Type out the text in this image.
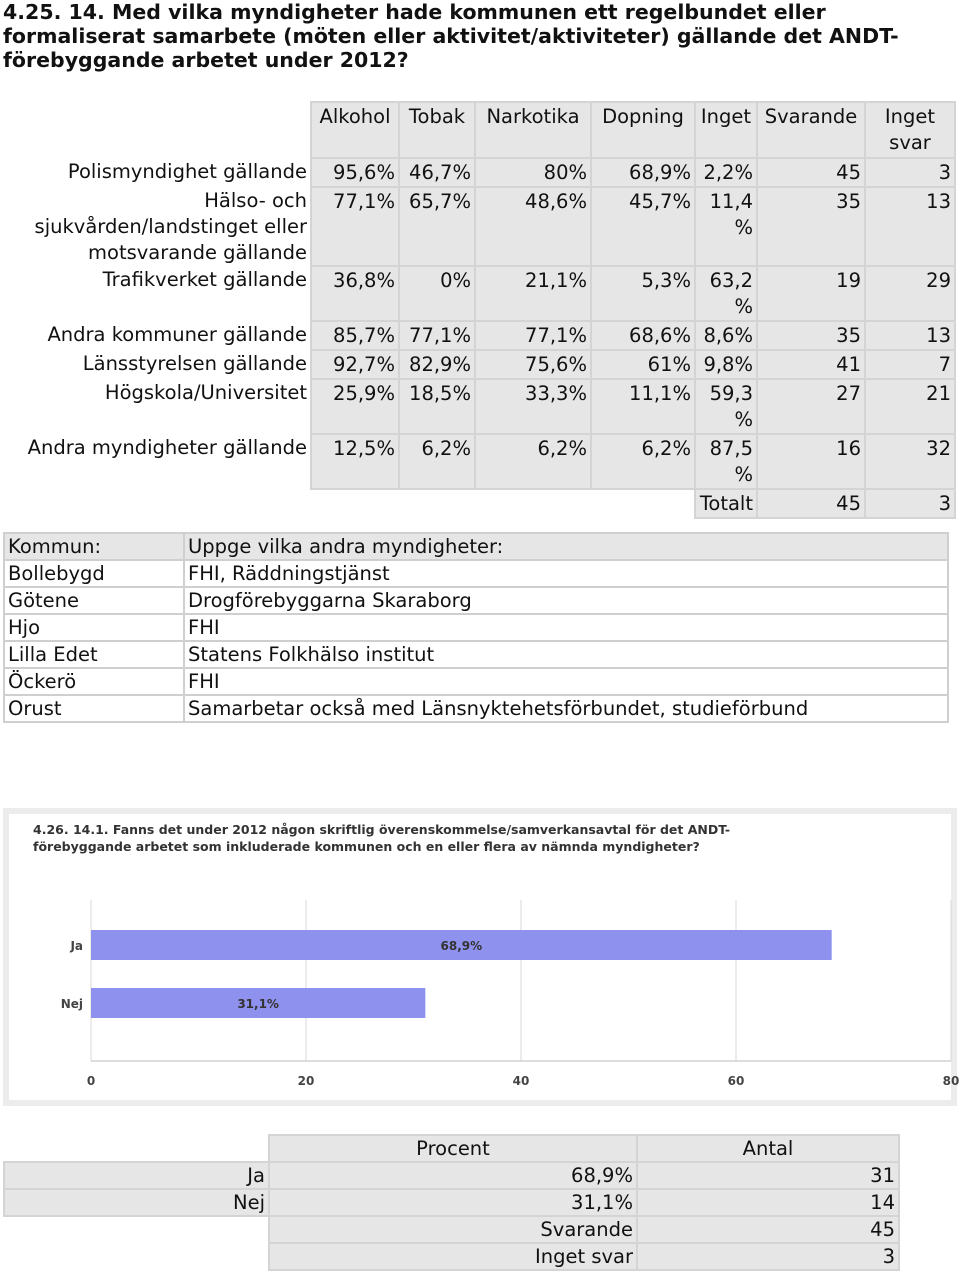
4.25. 14. Med vilka myndigheter hade kommunen ett regelbundet eller formaliserat samarbete (möten eller aktivitet/aktiviteter) gällande det ANDT-förebyggande arbetet under 2012?
	Alkohol	Tobak	Narkotika	Dopning	Inget	Svarande	Inget svar
Polismyndighet gällande	95,6%	46,7%	80%	68,9%	2,2%	45	3
Hälso- och sjukvården/landstinget eller motsvarande gällande	77,1%	65,7%	48,6%	45,7%	11,4 %	35	13
Trafikverket gällande	36,8%	0%	21,1%	5,3%	63,2 %	19	29
Andra kommuner gällande	85,7%	77,1%	77,1%	68,6%	8,6%	35	13
Länsstyrelsen gällande	92,7%	82,9%	75,6%	61%	9,8%	41	7
Högskola/Universitet	25,9%	18,5%	33,3%	11,1%	59,3 %	27	21
Andra myndigheter gällande	12,5%	6,2%	6,2%	6,2%	87,5 %	16	32
					Totalt	45	3
Kommun:	Uppge vilka andra myndigheter:
Bollebygd	FHI, Räddningstjänst
Götene	Drogförebyggarna Skaraborg
Hjo	FHI
Lilla Edet	Statens Folkhälso institut
Öckerö	FHI
Orust	Samarbetar också med Länsnyktehetsförbundet, studieförbund
4.26. 14.1. Fanns det under 2012 någon skriftlig överenskommelse/samverkansavtal för det ANDT-förebyggande arbetet som inkluderade kommunen och en eller flera av nämnda myndigheter?
0	20	40	60	80
Ja	68,9%
Nej	31,1%
	Procent	Antal
Ja	68,9%	31
Nej	31,1%	14
	Svarande	45
	Inget svar	3
